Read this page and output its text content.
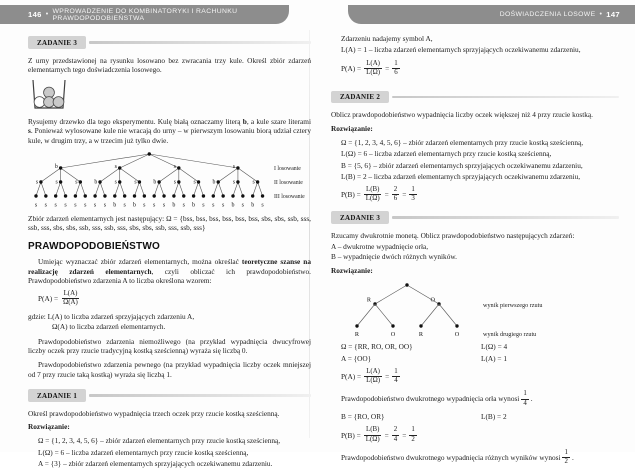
146 • WPROWADZENIE DO KOMBINATORYKI I RACHUNKU PRAWDOPODOBIEŃSTWA	DOŚWIADCZENIA LOSOWE • 147
ZADANIE 3

Z urny przedstawionej na rysunku losowano bez zwracania trzy kule. Określ zbiór zdarzeń elementarnych tego doświadczenia losowego.

Rysujemy drzewko dla tego eksperymentu. Kulę białą oznaczamy literą b, a kule szare literami s. Ponieważ wylosowane kule nie wracają do urny – w pierwszym losowaniu biorą udział cztery kule, w drugim trzy, a w trzecim już tylko dwie.

s	s	s
b
b	s	s
s
b	s	s
s
b	s	s
s
s s s s s s s s b s b s s s b s b s s s b s b s
I losowanie
II losowanie
III losowanie

Zbiór zdarzeń elementarnych jest następujący: Ω = {bss, bss, bss, bss, bss, bss, sbs, sbs, ssb, sss, ssb, sss, sbs, sbs, ssb, sss, ssb, sss, sbs, sbs, ssb, sss, ssb, sss}

PRAWDOPODOBIEŃSTWO

Umiejąc wyznaczać zbiór zdarzeń elementarnych, można określać teoretyczne szanse na realizację zdarzeń elementarnych, czyli obliczać ich prawdopodobieństwo. Prawdopodobieństwo zdarzenia A to liczba określona wzorem:

$P(A) = \frac{L(A)}{\Omega(A)}$
gdzie: L(A) to liczba zdarzeń sprzyjających zdarzeniu A,
Ω(A) to liczba zdarzeń elementarnych.

Prawdopodobieństwo zdarzenia niemożliwego (na przykład wypadnięcia dwucyfrowej liczby oczek przy rzucie tradycyjną kostką sześcienną) wyraża się liczbą 0.

Prawdopodobieństwo zdarzenia pewnego (na przykład wypadnięcia liczby oczek mniejszej od 7 przy rzucie taką kostką) wyraża się liczbą 1.

ZADANIE 1

Określ prawdopodobieństwo wypadnięcia trzech oczek przy rzucie kostką sześcienną.

Rozwiązanie:
Ω = {1, 2, 3, 4, 5, 6} – zbiór zdarzeń elementarnych przy rzucie kostką sześcienną,
L(Ω) = 6 – liczba zdarzeń elementarnych przy rzucie kostką sześcienną,
A = {3} – zbiór zdarzeń elementarnych sprzyjających oczekiwanemu zdarzeniu.
Zdarzeniu nadajemy symbol A,
L(A) = 1 – liczba zdarzeń elementarnych sprzyjających oczekiwanemu zdarzeniu,
$P(A) = \frac{L(A)}{L(\Omega)} = \frac{1}{6}$
ZADANIE 2

Oblicz prawdopodobieństwo wypadnięcia liczby oczek większej niż 4 przy rzucie kostką.

Rozwiązanie:
Ω = {1, 2, 3, 4, 5, 6} – zbiór zdarzeń elementarnych przy rzucie kostką sześcienną,
L(Ω) = 6 – liczba zdarzeń elementarnych przy rzucie kostką sześcienną,
B = {5, 6} – zbiór zdarzeń elementarnych sprzyjających oczekiwanemu zdarzeniu,
L(B) = 2 – liczba zdarzeń elementarnych sprzyjających oczekiwanemu zdarzeniu,
$P(B) = \frac{L(B)}{L(\Omega)} = \frac{2}{6} = \frac{1}{3}$
ZADANIE 3

Rzucamy dwukrotnie monetą. Oblicz prawdopodobieństwo następujących zdarzeń:

A – dwukrotne wypadnięcie orła,

B – wypadnięcie dwóch różnych wyników.

Rozwiązanie:
R	O
R	O	R	O
wynik pierwszego rzutu
wynik drugiego rzutu
Ω = {RR, RO, OR, OO}	L(Ω) = 4
A = {OO}	L(A) = 1
$P(A) = \frac{L(A)}{L(\Omega)} = \frac{1}{4}$
Prawdopodobieństwo dwukrotnego wypadnięcia orła wynosi $\frac{1}{4}$ .
B = {RO, OR}	L(B) = 2
$P(B) = \frac{L(B)}{L(\Omega)} = \frac{2}{4} = \frac{1}{2}$
Prawdopodobieństwo dwukrotnego wypadnięcia różnych wyników wynosi $\frac{1}{2}$ .
